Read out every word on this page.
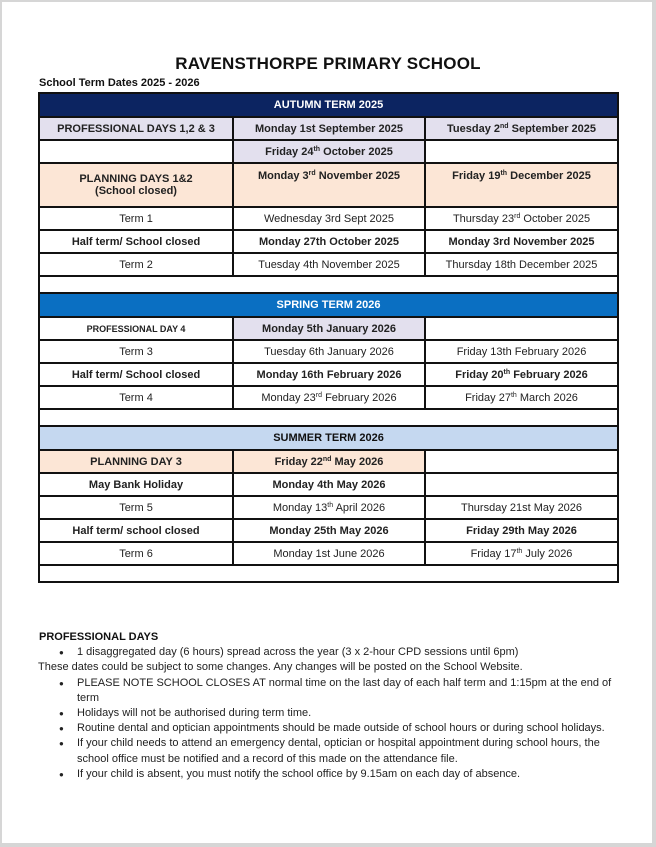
RAVENSTHORPE PRIMARY SCHOOL
School Term Dates 2025 - 2026
AUTUMN TERM 2025		
PROFESSIONAL DAYS 1,2 & 3	Monday 1st September 2025	Tuesday 2nd September 2025
	Friday 24th October 2025	

PLANNING DAYS 1&2
(School closed)	Monday 3rd November 2025	Friday 19th December 2025
Term 1	Wednesday 3rd Sept 2025	Thursday 23rd October 2025
Half term/ School closed	Monday 27th October 2025	Monday 3rd November 2025
Term 2	Tuesday 4th November 2025	Thursday 18th December 2025

SPRING TERM 2026		
PROFESSIONAL DAY 4	Monday 5th January 2026	
Term 3	Tuesday 6th January 2026	Friday 13th February 2026
Half term/ School closed	Monday 16th February 2026	Friday 20th February 2026
Term 4	Monday 23rd February 2026	Friday 27th March 2026

SUMMER TERM 2026		
PLANNING DAY 3	Friday 22nd May 2026	
May Bank Holiday	Monday 4th May 2026	
Term 5	Monday 13th April 2026	Thursday 21st May 2026
Half term/ school closed	Monday 25th May 2026	Friday 29th May 2026
Term 6	Monday 1st June 2026	Friday 17th July 2026

PROFESSIONAL DAYS
● 1 disaggregated day (6 hours) spread across the year (3 x 2-hour CPD sessions until 6pm)
These dates could be subject to some changes. Any changes will be posted on the School Website.
● PLEASE NOTE SCHOOL CLOSES AT normal time on the last day of each half term and 1:15pm at the end of term
● Holidays will not be authorised during term time.
● Routine dental and optician appointments should be made outside of school hours or during school holidays.
● If your child needs to attend an emergency dental, optician or hospital appointment during school hours, the school office must be notified and a record of this made on the attendance file.
● If your child is absent, you must notify the school office by 9.15am on each day of absence.
